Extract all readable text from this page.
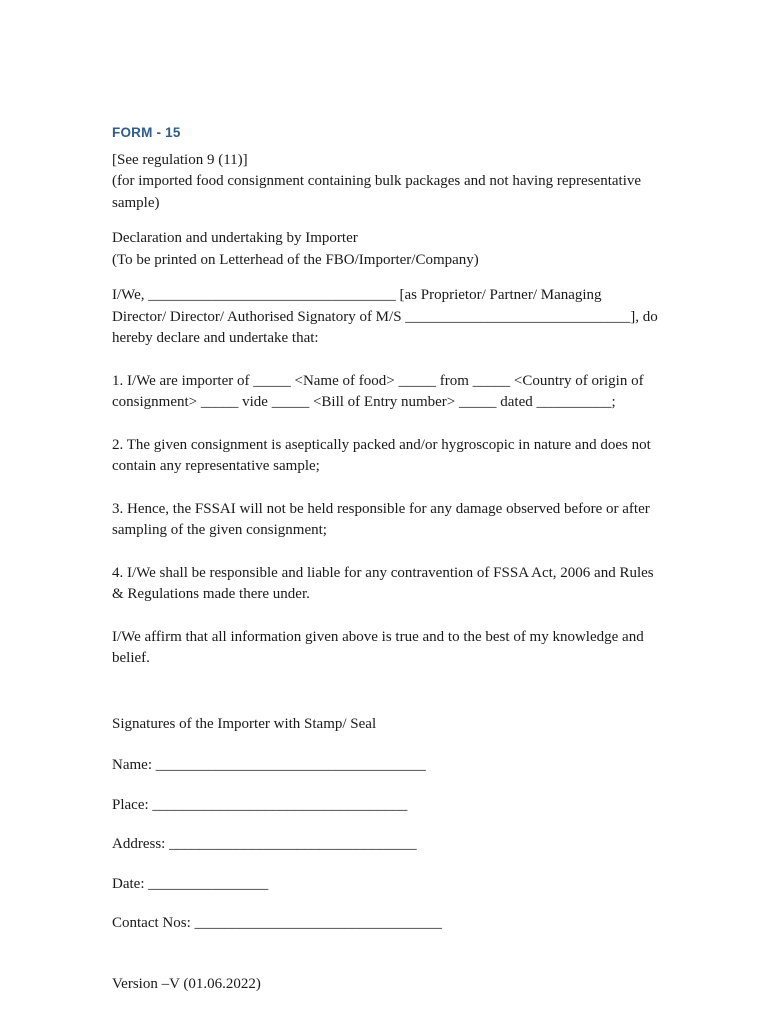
FORM - 15

[See regulation 9 (11)]

(for imported food consignment containing bulk packages and not having representative sample)

Declaration and undertaking by Importer

(To be printed on Letterhead of the FBO/Importer/Company)

I/We, _________________________________ [as Proprietor/ Partner/ Managing Director/ Director/ Authorised Signatory of M/S ______________________________], do hereby declare and undertake that:

1. I/We are importer of _____ <Name of food> _____ from _____ <Country of origin of consignment> _____ vide _____ <Bill of Entry number> _____ dated __________;

2. The given consignment is aseptically packed and/or hygroscopic in nature and does not contain any representative sample;

3. Hence, the FSSAI will not be held responsible for any damage observed before or after sampling of the given consignment;

4. I/We shall be responsible and liable for any contravention of FSSA Act, 2006 and Rules & Regulations made there under.

I/We affirm that all information given above is true and to the best of my knowledge and belief.

Signatures of the Importer with Stamp/ Seal

Name: ____________________________________

Place: __________________________________

Address: _________________________________

Date: ________________

Contact Nos: _________________________________

Version –V (01.06.2022)
